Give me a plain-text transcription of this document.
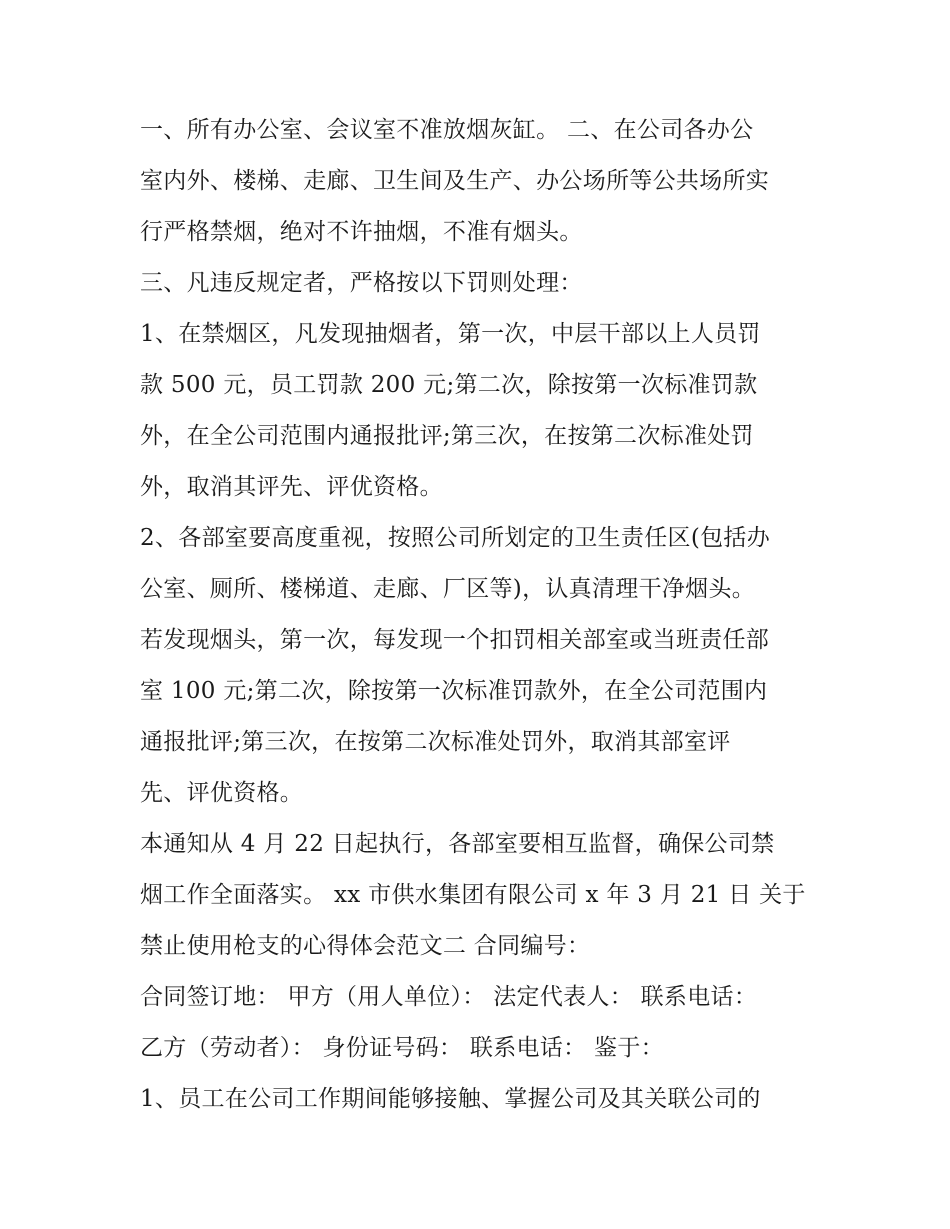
一、所有办公室、会议室不准放烟灰缸。 二、在公司各办公
室内外、楼梯、走廊、卫生间及生产、办公场所等公共场所实
行严格禁烟，绝对不许抽烟，不准有烟头。
三、凡违反规定者，严格按以下罚则处理：
1、在禁烟区，凡发现抽烟者，第一次，中层干部以上人员罚
款 500 元，员工罚款 200 元;第二次，除按第一次标准罚款
外，在全公司范围内通报批评;第三次，在按第二次标准处罚
外，取消其评先、评优资格。
2、各部室要高度重视，按照公司所划定的卫生责任区(包括办
公室、厕所、楼梯道、走廊、厂区等)，认真清理干净烟头。
若发现烟头，第一次，每发现一个扣罚相关部室或当班责任部
室 100 元;第二次，除按第一次标准罚款外，在全公司范围内
通报批评;第三次，在按第二次标准处罚外，取消其部室评
先、评优资格。
本通知从 4 月 22 日起执行，各部室要相互监督，确保公司禁
烟工作全面落实。 xx 市供水集团有限公司 x 年 3 月 21 日 关于
禁止使用枪支的心得体会范文二 合同编号：
合同签订地： 甲方（用人单位）： 法定代表人： 联系电话：
乙方（劳动者）： 身份证号码： 联系电话： 鉴于：
1、员工在公司工作期间能够接触、掌握公司及其关联公司的
